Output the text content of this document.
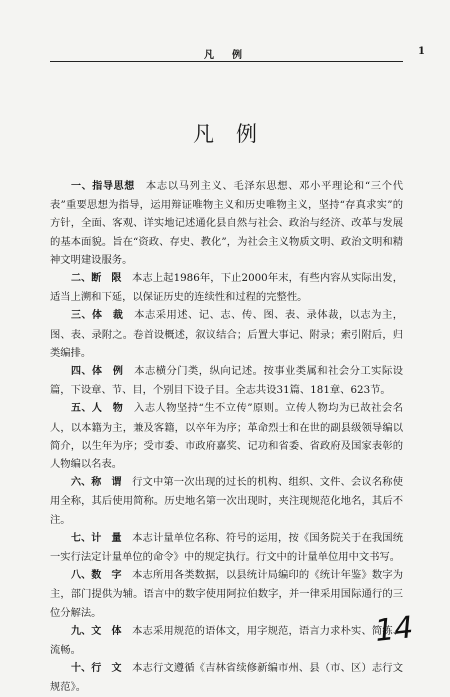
凡　例	1
凡例

一、指导思想　 本志以马列主义、毛泽东思想、邓小平理论和“三个代表”重要思想为指导，运用辩证唯物主义和历史唯物主义，坚持“存真求实”的方针，全面、客观、详实地记述通化县自然与社会、政治与经济、改革与发展的基本面貌。旨在“资政、存史、教化”，为社会主义物质文明、政治文明和精神文明建设服务。

二、断　限　 本志上起1986年，下止2000年末，有些内容从实际出发，适当上溯和下延，以保证历史的连续性和过程的完整性。

三、体　裁　 本志采用述、记、志、传、图、表、录体裁，以志为主，图、表、录附之。卷首设概述，叙议结合；后置大事记、附录；索引附后，归类编排。

四、体　例　 本志横分门类，纵向记述。按事业类属和社会分工实际设篇，下设章、节、目，个别目下设子目。全志共设31篇、181章、623节。

五、人　物　 入志人物坚持“生不立传”原则。立传人物均为已故社会名人，以本籍为主，兼及客籍，以卒年为序；革命烈士和在世的副县级领导编以简介，以生年为序；受市委、市政府嘉奖、记功和省委、省政府及国家表彰的人物编以名表。

六、称　谓　 行文中第一次出现的过长的机构、组织、文件、会议名称使用全称，其后使用简称。历史地名第一次出现时，夹注现规范化地名，其后不注。

七、计　量　 本志计量单位名称、符号的运用，按《国务院关于在我国统一实行法定计量单位的命令》中的规定执行。行文中的计量单位用中文书写。

八、数　字　 本志所用各类数据，以县统计局编印的《统计年鉴》数字为主，部门提供为辅。语言中的数字使用阿拉伯数字，并一律采用国际通行的三位分解法。

九、文　体　 本志采用规范的语体文，用字规范，语言力求朴实、简练、流畅。

十、行　文　 本志行文遵循《吉林省续修新编市州、县（市、区）志行文规范》。

14
